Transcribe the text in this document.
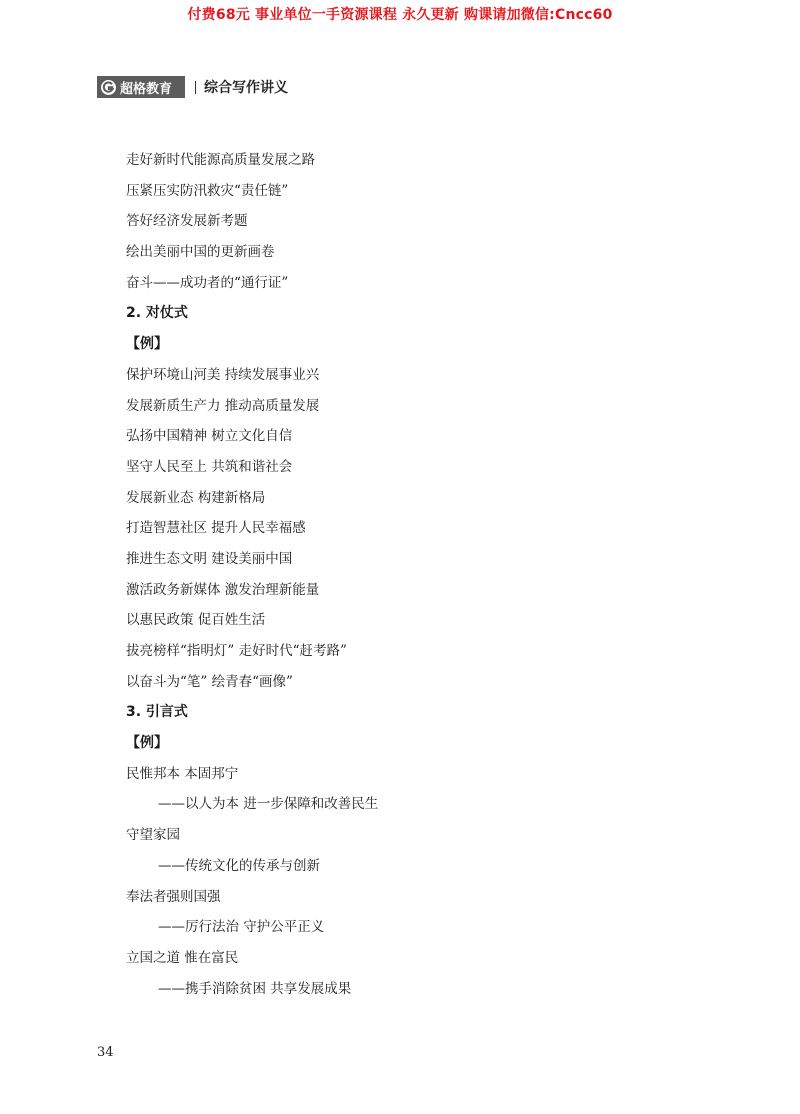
付费68元 事业单位一手资源课程 永久更新 购课请加微信:Cncc60
超格教育 综合写作讲义
走好新时代能源高质量发展之路
压紧压实防汛救灾“责任链”
答好经济发展新考题
绘出美丽中国的更新画卷
奋斗——成功者的“通行证”
2. 对仗式
【例】
保护环境山河美 持续发展事业兴
发展新质生产力 推动高质量发展
弘扬中国精神 树立文化自信
坚守人民至上 共筑和谐社会
发展新业态 构建新格局
打造智慧社区 提升人民幸福感
推进生态文明 建设美丽中国
激活政务新媒体 激发治理新能量
以惠民政策 促百姓生活
拔亮榜样“指明灯” 走好时代“赶考路”
以奋斗为“笔” 绘青春“画像”
3. 引言式
【例】
民惟邦本 本固邦宁
——以人为本 进一步保障和改善民生
守望家园
——传统文化的传承与创新
奉法者强则国强
——厉行法治 守护公平正义
立国之道 惟在富民
——携手消除贫困 共享发展成果
34
